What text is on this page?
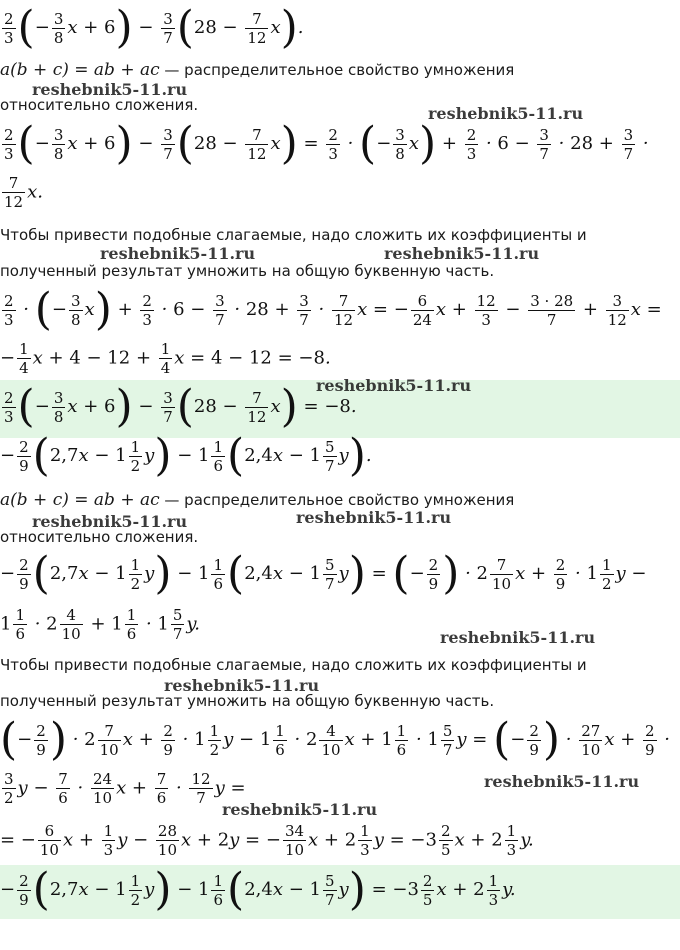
$\frac{2}{3}$ (− $\frac{3}{8}$ $x + 6) - \frac{3}{7} (28 - \frac{7}{12} x)$.
a(b + c) = ab + ac — распределительное свойство умножения
reshebnik5-11.ru
относительно сложения.	reshebnik5-11.ru
$\frac{2}{3}$ (− $\frac{3}{8}$ $x + 6) - \frac{3}{7} (28 - \frac{7}{12} x) = \frac{2}{3}$ · (− $\frac{3}{8} x) + \frac{2}{3} \cdot 6 - \frac{3}{7} \cdot 28 + \frac{3}{7}$ ·
$\frac{7}{12} x$.
Чтобы привести подобные слагаемые, надо сложить их коэффициенты и
reshebnik5-11.ru	reshebnik5-11.ru
полученный результат умножить на общую буквенную часть.
$\frac{2}{3}$ · (− $\frac{3}{8} x) + \frac{2}{3} \cdot 6 - \frac{3}{7} \cdot 28 + \frac{3}{7} \cdot \frac{7}{12}$ x = − $\frac{6}{24}$ $x + \frac{12}{3} - \frac{3 \cdot 28}{7} + \frac{3}{12}$ x =
− $\frac{1}{4}$ $x + 4 - 12 + \frac{1}{4}$ x = 4 − 12 = −8.
$\frac{2}{3}$ (− $\frac{3}{8}$ $x + 6) - \frac{3}{7} (28 - \frac{7}{12} x) = -8$.
reshebnik5-11.ru
− $\frac{2}{9} (2,7x - 1 \frac{1}{2} y) - 1 \frac{1}{6} (2,4x - 1 \frac{5}{7} y)$.
a(b + c) = ab + ac — распределительное свойство умножения
reshebnik5-11.ru	reshebnik5-11.ru
относительно сложения.
− $\frac{2}{9} (2,7x - 1 \frac{1}{2} y) - 1 \frac{1}{6} (2,4x - 1 \frac{5}{7} y)$ = (− $\frac{2}{9}$ ) · $2 \frac{7}{10}$ $x + \frac{2}{9} \cdot 1 \frac{1}{2}$ y −
$1 \frac{1}{6} \cdot 2 \frac{4}{10} + 1 \frac{1}{6} \cdot 1 \frac{5}{7} y$.
reshebnik5-11.ru
Чтобы привести подобные слагаемые, надо сложить их коэффициенты и
reshebnik5-11.ru
полученный результат умножить на общую буквенную часть.
(− $\frac{2}{9}$ ) · $2 \frac{7}{10}$ $x + \frac{2}{9} \cdot 1 \frac{1}{2}$ $y - 1 \frac{1}{6} \cdot 2 \frac{4}{10}$ $x + 1 \frac{1}{6} \cdot 1 \frac{5}{7}$ y = (− $\frac{2}{9}$ ) · $\frac{27}{10}$ $x + \frac{2}{9}$ ·
$\frac{3}{2}$ $y - \frac{7}{6} \cdot \frac{24}{10}$ $x + \frac{7}{6} \cdot \frac{12}{7}$ y =	reshebnik5-11.ru
reshebnik5-11.ru
= − $\frac{6}{10}$ $x + \frac{1}{3}$ $y - \frac{28}{10}$ x + 2y = − $\frac{34}{10}$ $x + 2 \frac{1}{3}$ $y = -3 \frac{2}{5}$ $x + 2 \frac{1}{3} y$.
− $\frac{2}{9} (2,7x - 1 \frac{1}{2} y) - 1 \frac{1}{6} (2,4x - 1 \frac{5}{7} y) = -3 \frac{2}{5}$ $x + 2 \frac{1}{3} y$.
